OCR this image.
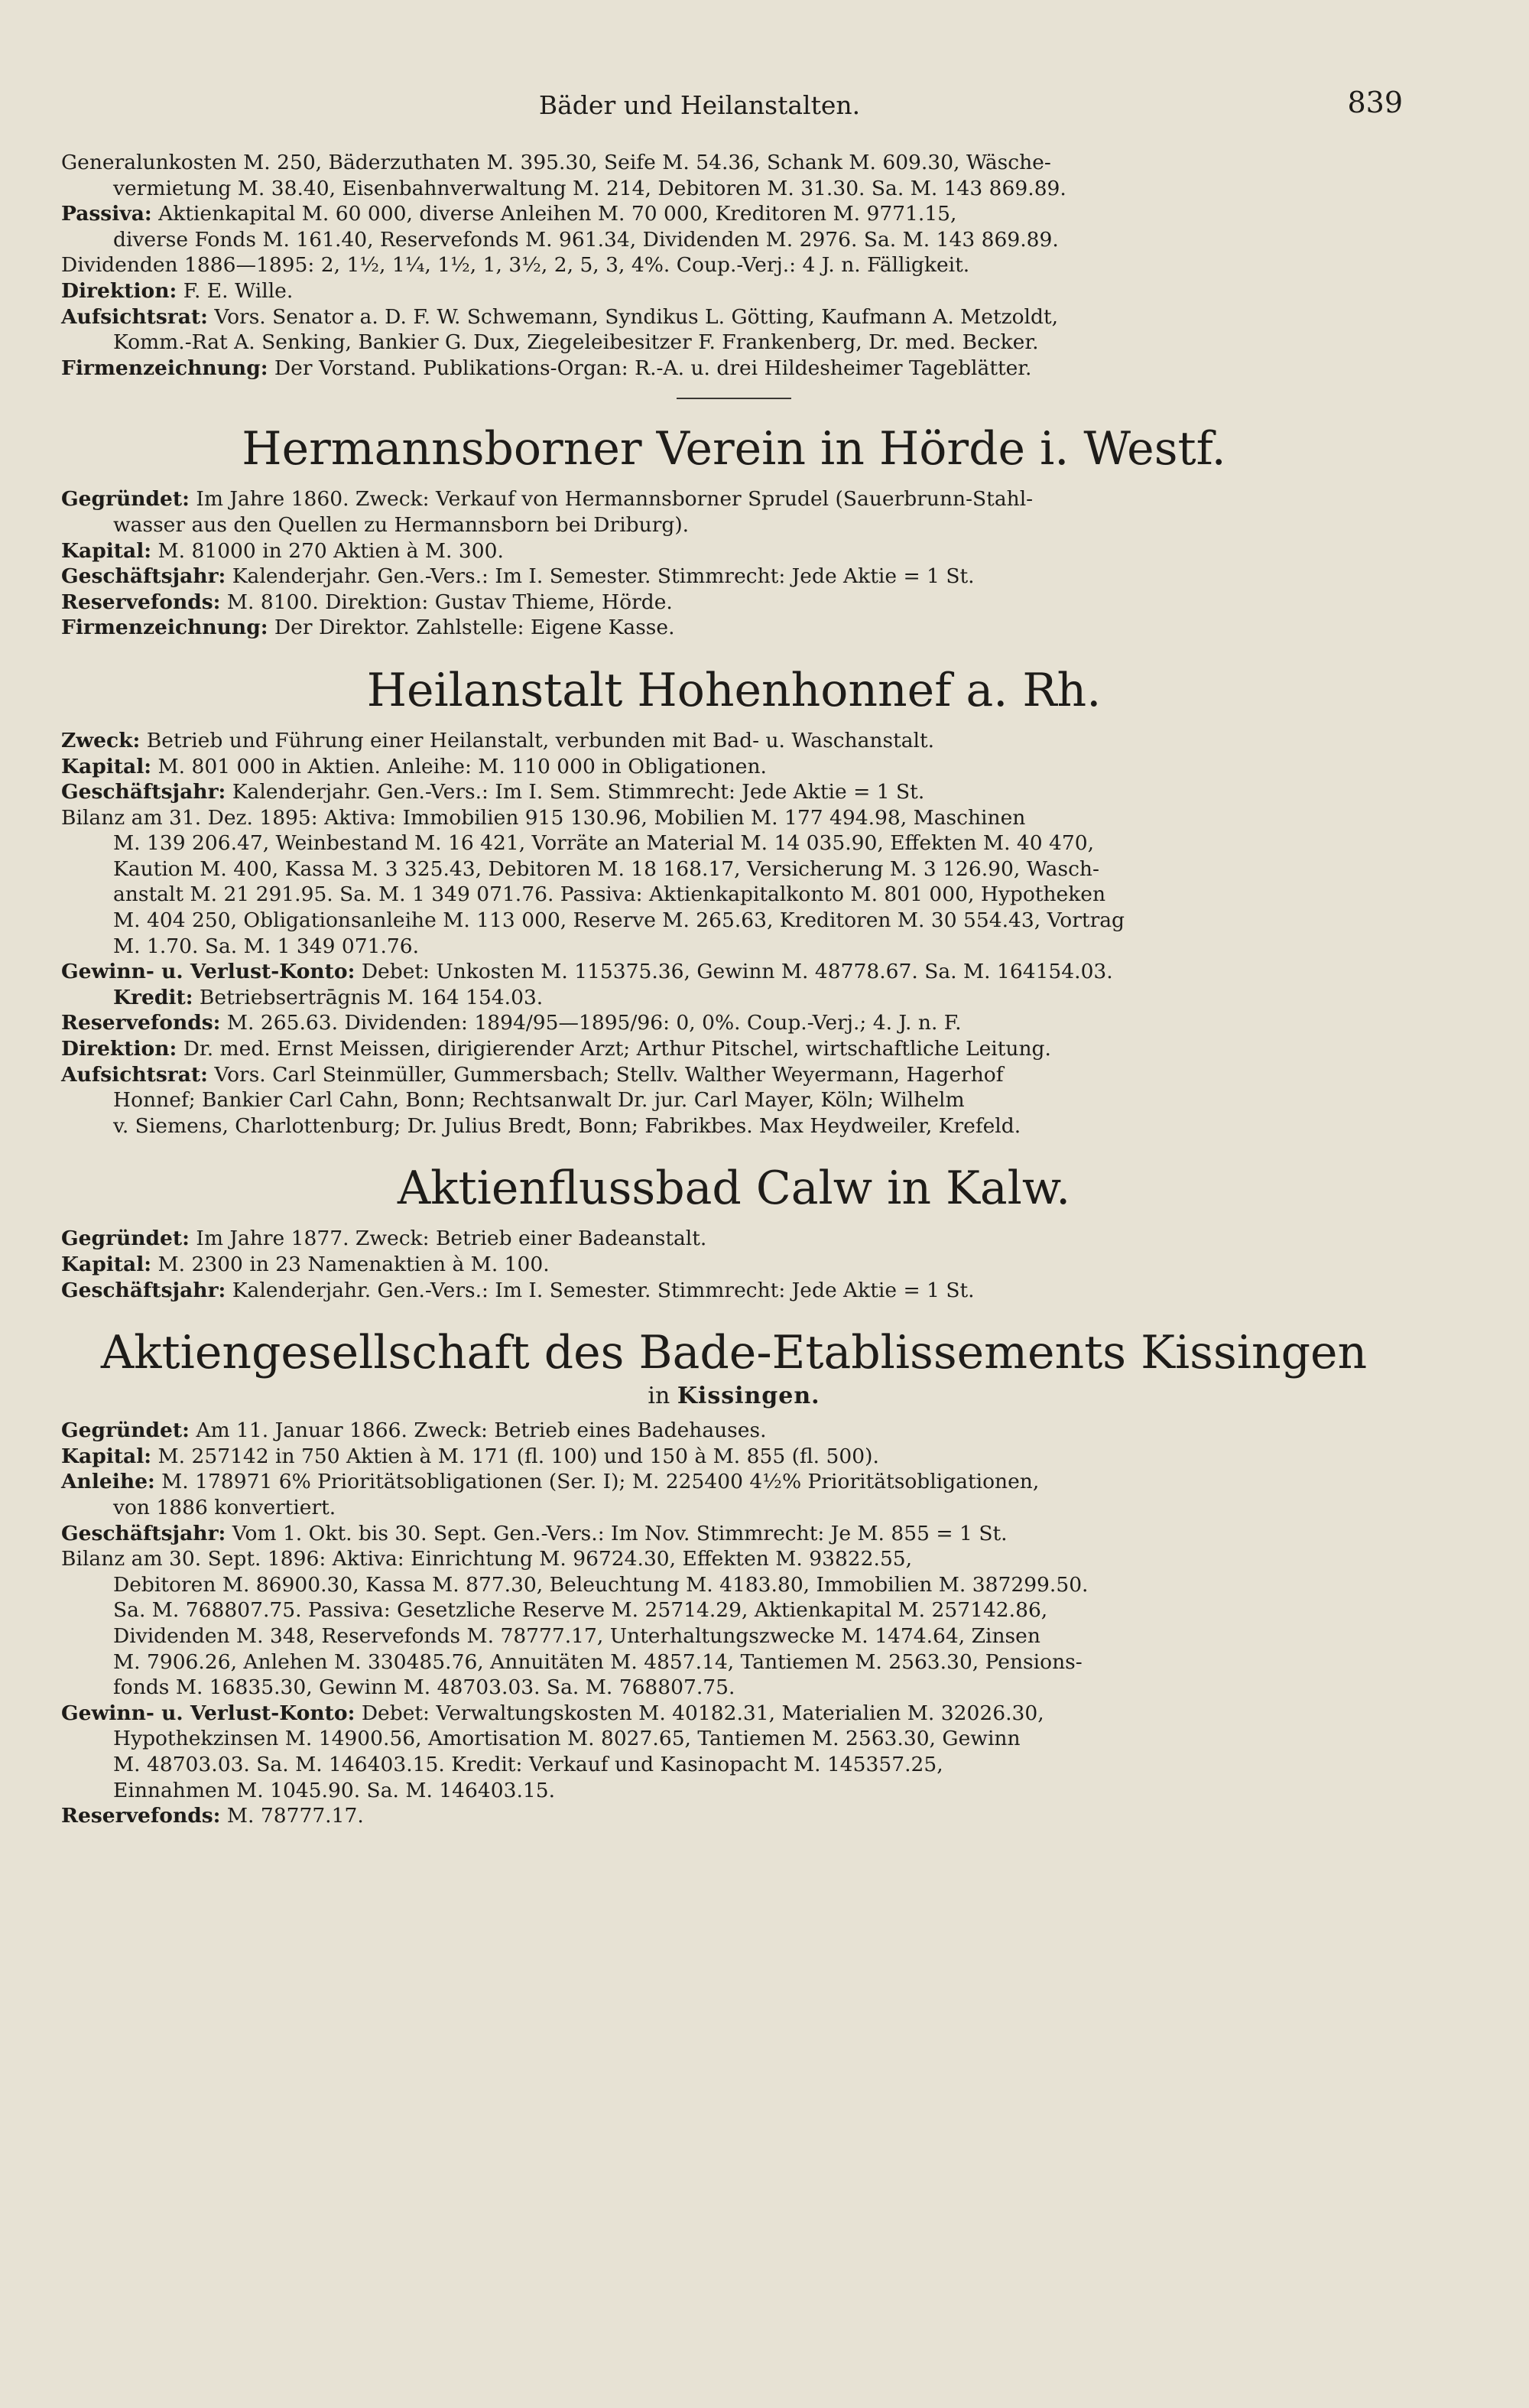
Bäder und Heilanstalten.	839

Generalunkosten M. 250, Bäderzuthaten M. 395.30, Seife M. 54.36, Schank M. 609.30, Wäsche-

vermietung M. 38.40, Eisenbahnverwaltung M. 214, Debitoren M. 31.30. Sa. M. 143 869.89.

Passiva: Aktienkapital M. 60 000, diverse Anleihen M. 70 000, Kreditoren M. 9771.15,

diverse Fonds M. 161.40, Reservefonds M. 961.34, Dividenden M. 2976. Sa. M. 143 869.89.

Dividenden 1886—1895: 2, 1½, 1¼, 1½, 1, 3½, 2, 5, 3, 4%. Coup.-Verj.: 4 J. n. Fälligkeit.

Direktion: F. E. Wille.

Aufsichtsrat: Vors. Senator a. D. F. W. Schwemann, Syndikus L. Götting, Kaufmann A. Metzoldt,

Komm.-Rat A. Senking, Bankier G. Dux, Ziegeleibesitzer F. Frankenberg, Dr. med. Becker.

Firmenzeichnung: Der Vorstand. Publikations-Organ: R.-A. u. drei Hildesheimer Tageblätter.

Hermannsborner Verein in Hörde i. Westf.

Gegründet: Im Jahre 1860. Zweck: Verkauf von Hermannsborner Sprudel (Sauerbrunn-Stahl-

wasser aus den Quellen zu Hermannsborn bei Driburg).

Kapital: M. 81000 in 270 Aktien à M. 300.

Geschäftsjahr: Kalenderjahr. Gen.-Vers.: Im I. Semester. Stimmrecht: Jede Aktie = 1 St.

Reservefonds: M. 8100. Direktion: Gustav Thieme, Hörde.

Firmenzeichnung: Der Direktor. Zahlstelle: Eigene Kasse.

Heilanstalt Hohenhonnef a. Rh.

Zweck: Betrieb und Führung einer Heilanstalt, verbunden mit Bad- u. Waschanstalt.

Kapital: M. 801 000 in Aktien. Anleihe: M. 110 000 in Obligationen.

Geschäftsjahr: Kalenderjahr. Gen.-Vers.: Im I. Sem. Stimmrecht: Jede Aktie = 1 St.

Bilanz am 31. Dez. 1895: Aktiva: Immobilien 915 130.96, Mobilien M. 177 494.98, Maschinen

M. 139 206.47, Weinbestand M. 16 421, Vorräte an Material M. 14 035.90, Effekten M. 40 470,

Kaution M. 400, Kassa M. 3 325.43, Debitoren M. 18 168.17, Versicherung M. 3 126.90, Wasch-

anstalt M. 21 291.95. Sa. M. 1 349 071.76. Passiva: Aktienkapitalkonto M. 801 000, Hypotheken

M. 404 250, Obligationsanleihe M. 113 000, Reserve M. 265.63, Kreditoren M. 30 554.43, Vortrag

M. 1.70. Sa. M. 1 349 071.76.

Gewinn- u. Verlust-Konto: Debet: Unkosten M. 115375.36, Gewinn M. 48778.67. Sa. M. 164154.03.

Kredit: Betriebsertrāgnis M. 164 154.03.

Reservefonds: M. 265.63. Dividenden: 1894/95—1895/96: 0, 0%. Coup.-Verj.; 4. J. n. F.

Direktion: Dr. med. Ernst Meissen, dirigierender Arzt; Arthur Pitschel, wirtschaftliche Leitung.

Aufsichtsrat: Vors. Carl Steinmüller, Gummersbach; Stellv. Walther Weyermann, Hagerhof

Honnef; Bankier Carl Cahn, Bonn; Rechtsanwalt Dr. jur. Carl Mayer, Köln; Wilhelm

v. Siemens, Charlottenburg; Dr. Julius Bredt, Bonn; Fabrikbes. Max Heydweiler, Krefeld.

Aktienflussbad Calw in Kalw.

Gegründet: Im Jahre 1877. Zweck: Betrieb einer Badeanstalt.

Kapital: M. 2300 in 23 Namenaktien à M. 100.

Geschäftsjahr: Kalenderjahr. Gen.-Vers.: Im I. Semester. Stimmrecht: Jede Aktie = 1 St.

Aktiengesellschaft des Bade-Etablissements Kissingen
in Kissingen.

Gegründet: Am 11. Januar 1866. Zweck: Betrieb eines Badehauses.

Kapital: M. 257142 in 750 Aktien à M. 171 (fl. 100) und 150 à M. 855 (fl. 500).

Anleihe: M. 178971 6% Prioritätsobligationen (Ser. I); M. 225400 4½% Prioritätsobligationen,

von 1886 konvertiert.

Geschäftsjahr: Vom 1. Okt. bis 30. Sept. Gen.-Vers.: Im Nov. Stimmrecht: Je M. 855 = 1 St.

Bilanz am 30. Sept. 1896: Aktiva: Einrichtung M. 96724.30, Effekten M. 93822.55,

Debitoren M. 86900.30, Kassa M. 877.30, Beleuchtung M. 4183.80, Immobilien M. 387299.50.

Sa. M. 768807.75. Passiva: Gesetzliche Reserve M. 25714.29, Aktienkapital M. 257142.86,

Dividenden M. 348, Reservefonds M. 78777.17, Unterhaltungszwecke M. 1474.64, Zinsen

M. 7906.26, Anlehen M. 330485.76, Annuitäten M. 4857.14, Tantiemen M. 2563.30, Pensions-

fonds M. 16835.30, Gewinn M. 48703.03. Sa. M. 768807.75.

Gewinn- u. Verlust-Konto: Debet: Verwaltungskosten M. 40182.31, Materialien M. 32026.30,

Hypothekzinsen M. 14900.56, Amortisation M. 8027.65, Tantiemen M. 2563.30, Gewinn

M. 48703.03. Sa. M. 146403.15. Kredit: Verkauf und Kasinopacht M. 145357.25,

Einnahmen M. 1045.90. Sa. M. 146403.15.

Reservefonds: M. 78777.17.
